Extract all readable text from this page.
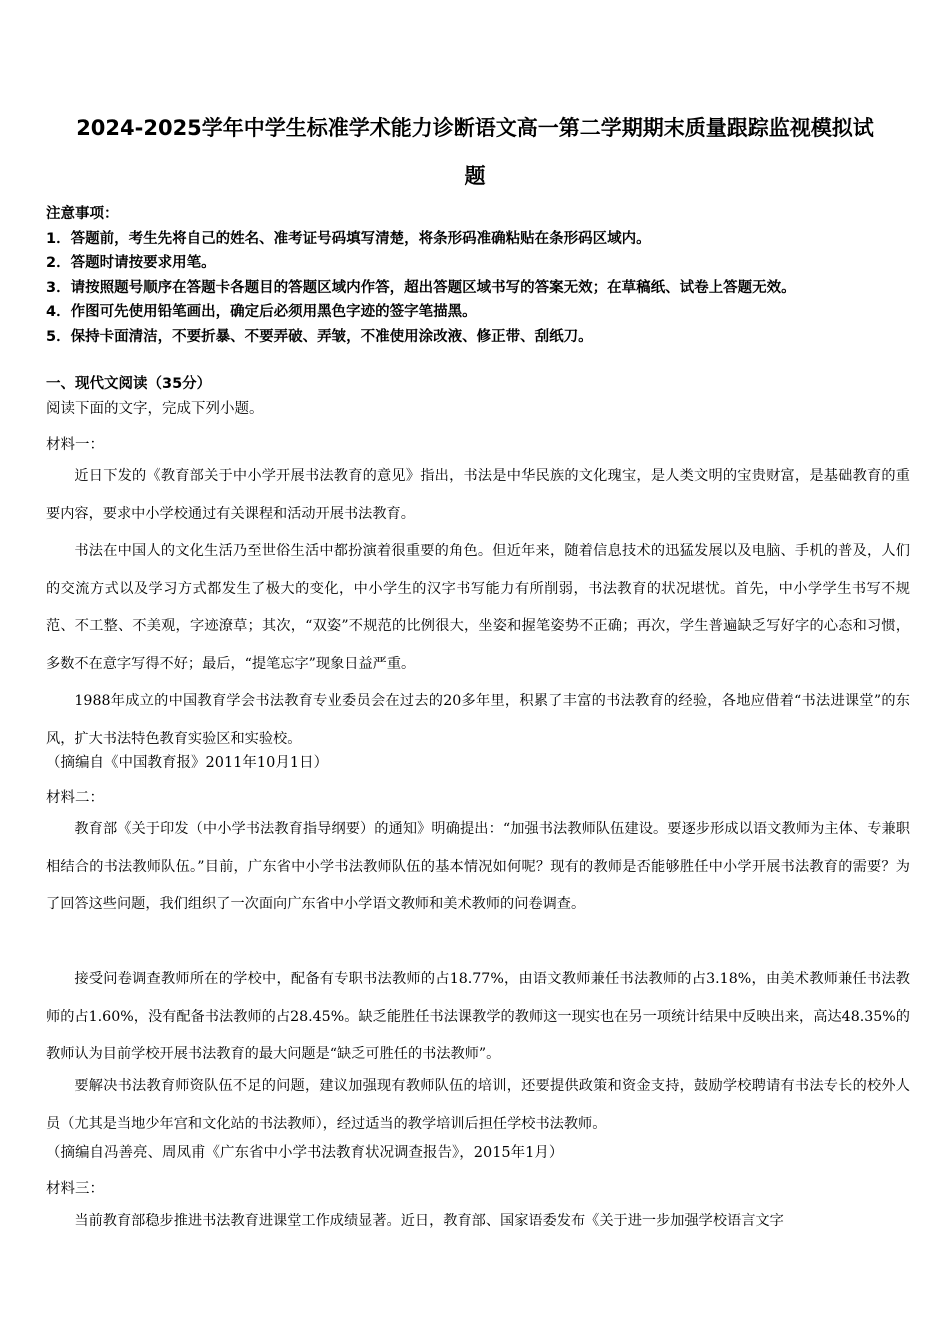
2024-2025学年中学生标准学术能力诊断语文高一第二学期期末质量跟踪监视模拟试
题
注意事项：
1．答题前，考生先将自己的姓名、准考证号码填写清楚，将条形码准确粘贴在条形码区域内。
2．答题时请按要求用笔。
3．请按照题号顺序在答题卡各题目的答题区域内作答，超出答题区域书写的答案无效；在草稿纸、试卷上答题无效。
4．作图可先使用铅笔画出，确定后必须用黑色字迹的签字笔描黑。
5．保持卡面清洁，不要折暴、不要弄破、弄皱，不准使用涂改液、修正带、刮纸刀。
一、现代文阅读（35分）
阅读下面的文字，完成下列小题。
材料一：
近日下发的《教育部关于中小学开展书法教育的意见》指出，书法是中华民族的文化瑰宝，是人类文明的宝贵财富，是基础教育的重要内容，要求中小学校通过有关课程和活动开展书法教育。
书法在中国人的文化生活乃至世俗生活中都扮演着很重要的角色。但近年来，随着信息技术的迅猛发展以及电脑、手机的普及，人们的交流方式以及学习方式都发生了极大的变化，中小学生的汉字书写能力有所削弱，书法教育的状况堪忧。首先，中小学学生书写不规范、不工整、不美观，字迹潦草；其次，“双姿”不规范的比例很大，坐姿和握笔姿势不正确；再次，学生普遍缺乏写好字的心态和习惯，多数不在意字写得不好；最后，“提笔忘字”现象日益严重。
1988年成立的中国教育学会书法教育专业委员会在过去的20多年里，积累了丰富的书法教育的经验，各地应借着“书法进课堂”的东风，扩大书法特色教育实验区和实验校。
（摘编自《中国教育报》2011年10月1日）
材料二：
教育部《关于印发（中小学书法教育指导纲要）的通知》明确提出：“加强书法教师队伍建设。要逐步形成以语文教师为主体、专兼职相结合的书法教师队伍。”目前，广东省中小学书法教师队伍的基本情况如何呢？现有的教师是否能够胜任中小学开展书法教育的需要？为了回答这些问题，我们组织了一次面向广东省中小学语文教师和美术教师的问卷调查。
接受问卷调查教师所在的学校中，配备有专职书法教师的占18.77%，由语文教师兼任书法教师的占3.18%，由美术教师兼任书法教师的占1.60%，没有配备书法教师的占28.45%。缺乏能胜任书法课教学的教师这一现实也在另一项统计结果中反映出来，高达48.35%的教师认为目前学校开展书法教育的最大问题是“缺乏可胜任的书法教师”。
要解决书法教育师资队伍不足的问题，建议加强现有教师队伍的培训，还要提供政策和资金支持，鼓励学校聘请有书法专长的校外人员（尤其是当地少年宫和文化站的书法教师），经过适当的教学培训后担任学校书法教师。
（摘编自冯善亮、周凤甫《广东省中小学书法教育状况调查报告》，2015年1月）
材料三：
当前教育部稳步推进书法教育进课堂工作成绩显著。近日，教育部、国家语委发布《关于进一步加强学校语言文字
